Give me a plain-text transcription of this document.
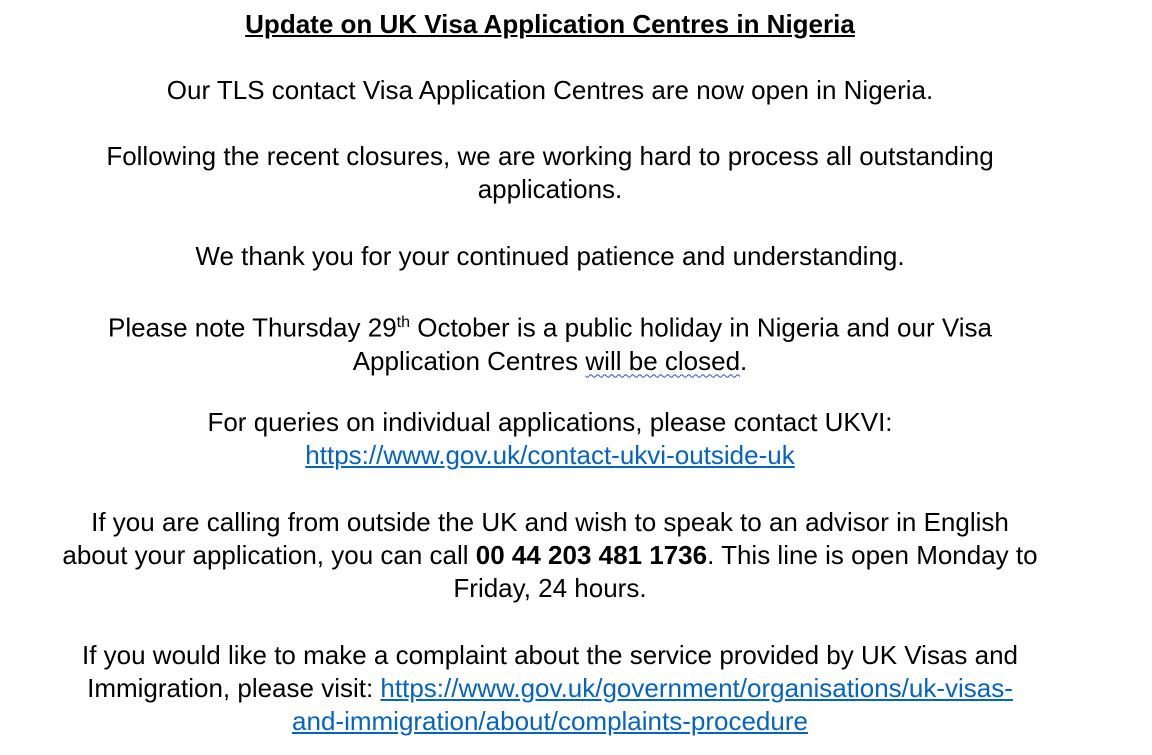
Update on UK Visa Application Centres in Nigeria
Our TLS contact Visa Application Centres are now open in Nigeria.
Following the recent closures, we are working hard to process all outstanding
applications.
We thank you for your continued patience and understanding.
Please note Thursday 29th October is a public holiday in Nigeria and our Visa
Application Centres will be closed.
For queries on individual applications, please contact UKVI:
https://www.gov.uk/contact-ukvi-outside-uk
If you are calling from outside the UK and wish to speak to an advisor in English
about your application, you can call 00 44 203 481 1736. This line is open Monday to
Friday, 24 hours.
If you would like to make a complaint about the service provided by UK Visas and
Immigration, please visit: https://www.gov.uk/government/organisations/uk-visas-
and-immigration/about/complaints-procedure
